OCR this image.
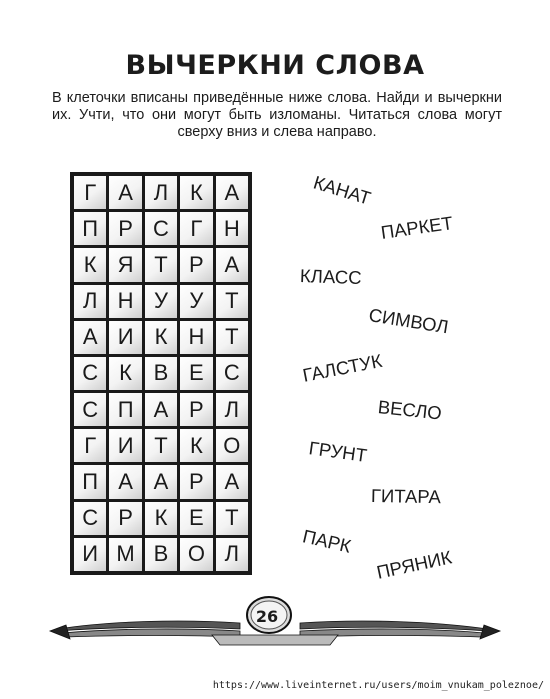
ВЫЧЕРКНИ СЛОВА
В клеточки вписаны приведённые ниже слова. Найди и вычеркни их. Учти, что они могут быть изломаны. Читаться слова могут сверху вниз и слева направо.
Г	А Л К А
П Р С Г Н
К Я Т Р А
Л Н У У Т
А И К Н Т
С К В Е С
С П А Р Л
Г И Т	К О
П А А Р А
С Р К Е Т
И М В О Л
КАНАТ
ПАРКЕТ
КЛАСС
СИМВОЛ
ГАЛСТУК
ВЕСЛО
ГРУНТ
ГИТАРА
ПАРК
ПРЯНИК
26
https://www.liveinternet.ru/users/moim_vnukam_poleznoe/
